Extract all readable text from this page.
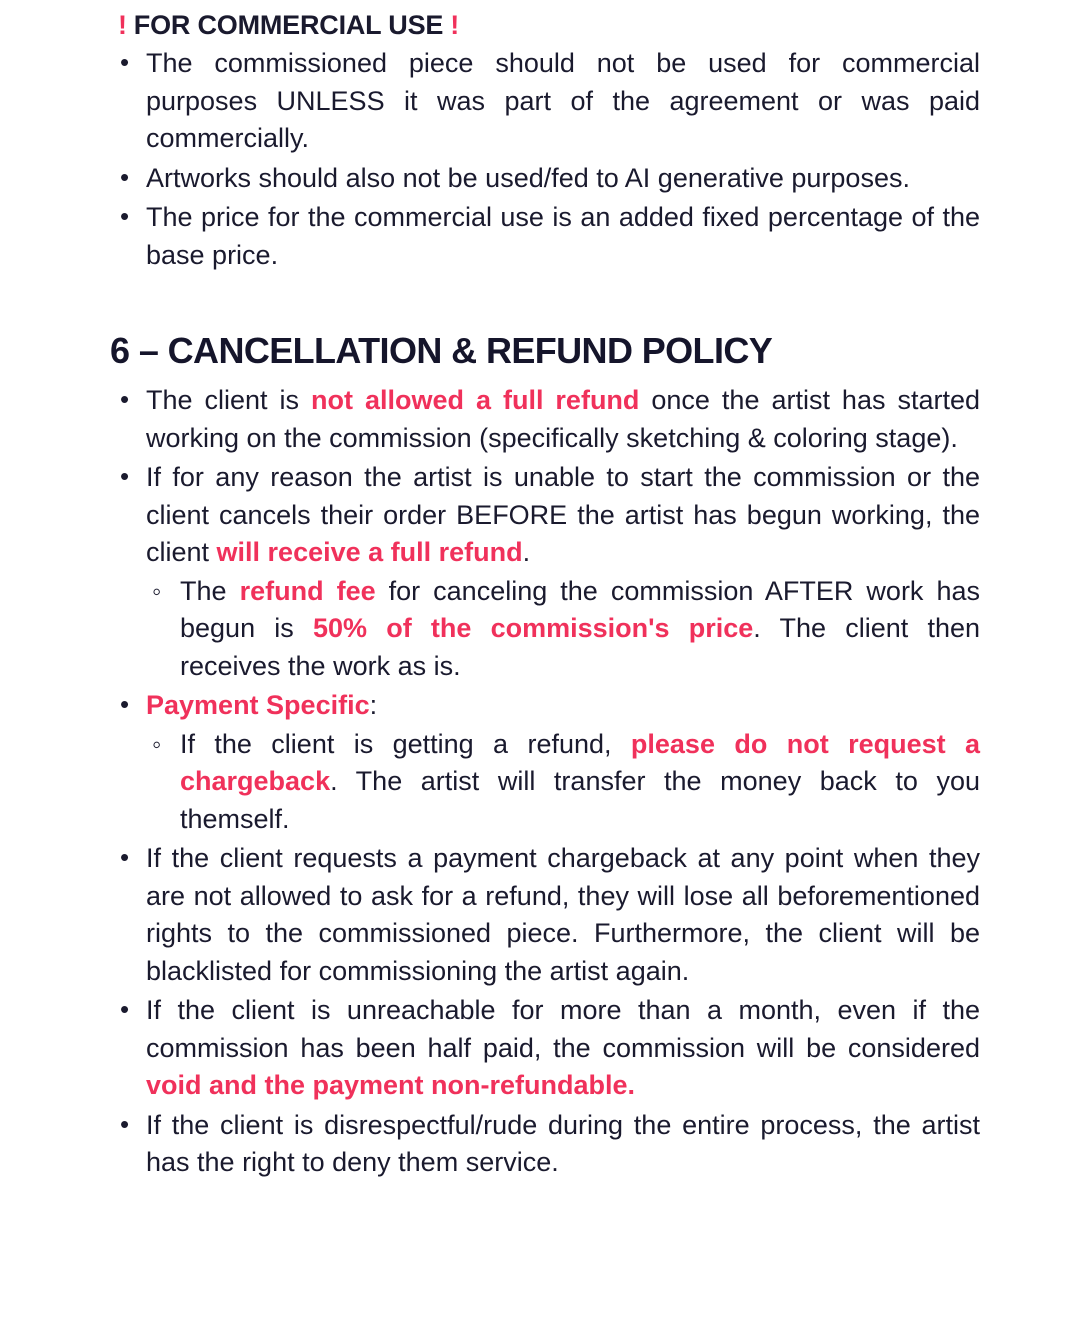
! FOR COMMERCIAL USE !
• The commissioned piece should not be used for commercial purposes UNLESS it was part of the agreement or was paid commercially.
• Artworks should also not be used/fed to AI generative purposes.
• The price for the commercial use is an added fixed percentage of the base price.
6 – CANCELLATION & REFUND POLICY
• The client is not allowed a full refund once the artist has started working on the commission (specifically sketching & coloring stage).
• If for any reason the artist is unable to start the commission or the client cancels their order BEFORE the artist has begun working, the client will receive a full refund.
◦ The refund fee for canceling the commission AFTER work has begun is 50% of the commission's price. The client then receives the work as is.
• Payment Specific:
◦ If the client is getting a refund, please do not request a chargeback. The artist will transfer the money back to you themself.
• If the client requests a payment chargeback at any point when they are not allowed to ask for a refund, they will lose all beforementioned rights to the commissioned piece. Furthermore, the client will be blacklisted for commissioning the artist again.
• If the client is unreachable for more than a month, even if the commission has been half paid, the commission will be considered void and the payment non-refundable.
• If the client is disrespectful/rude during the entire process, the artist has the right to deny them service.
